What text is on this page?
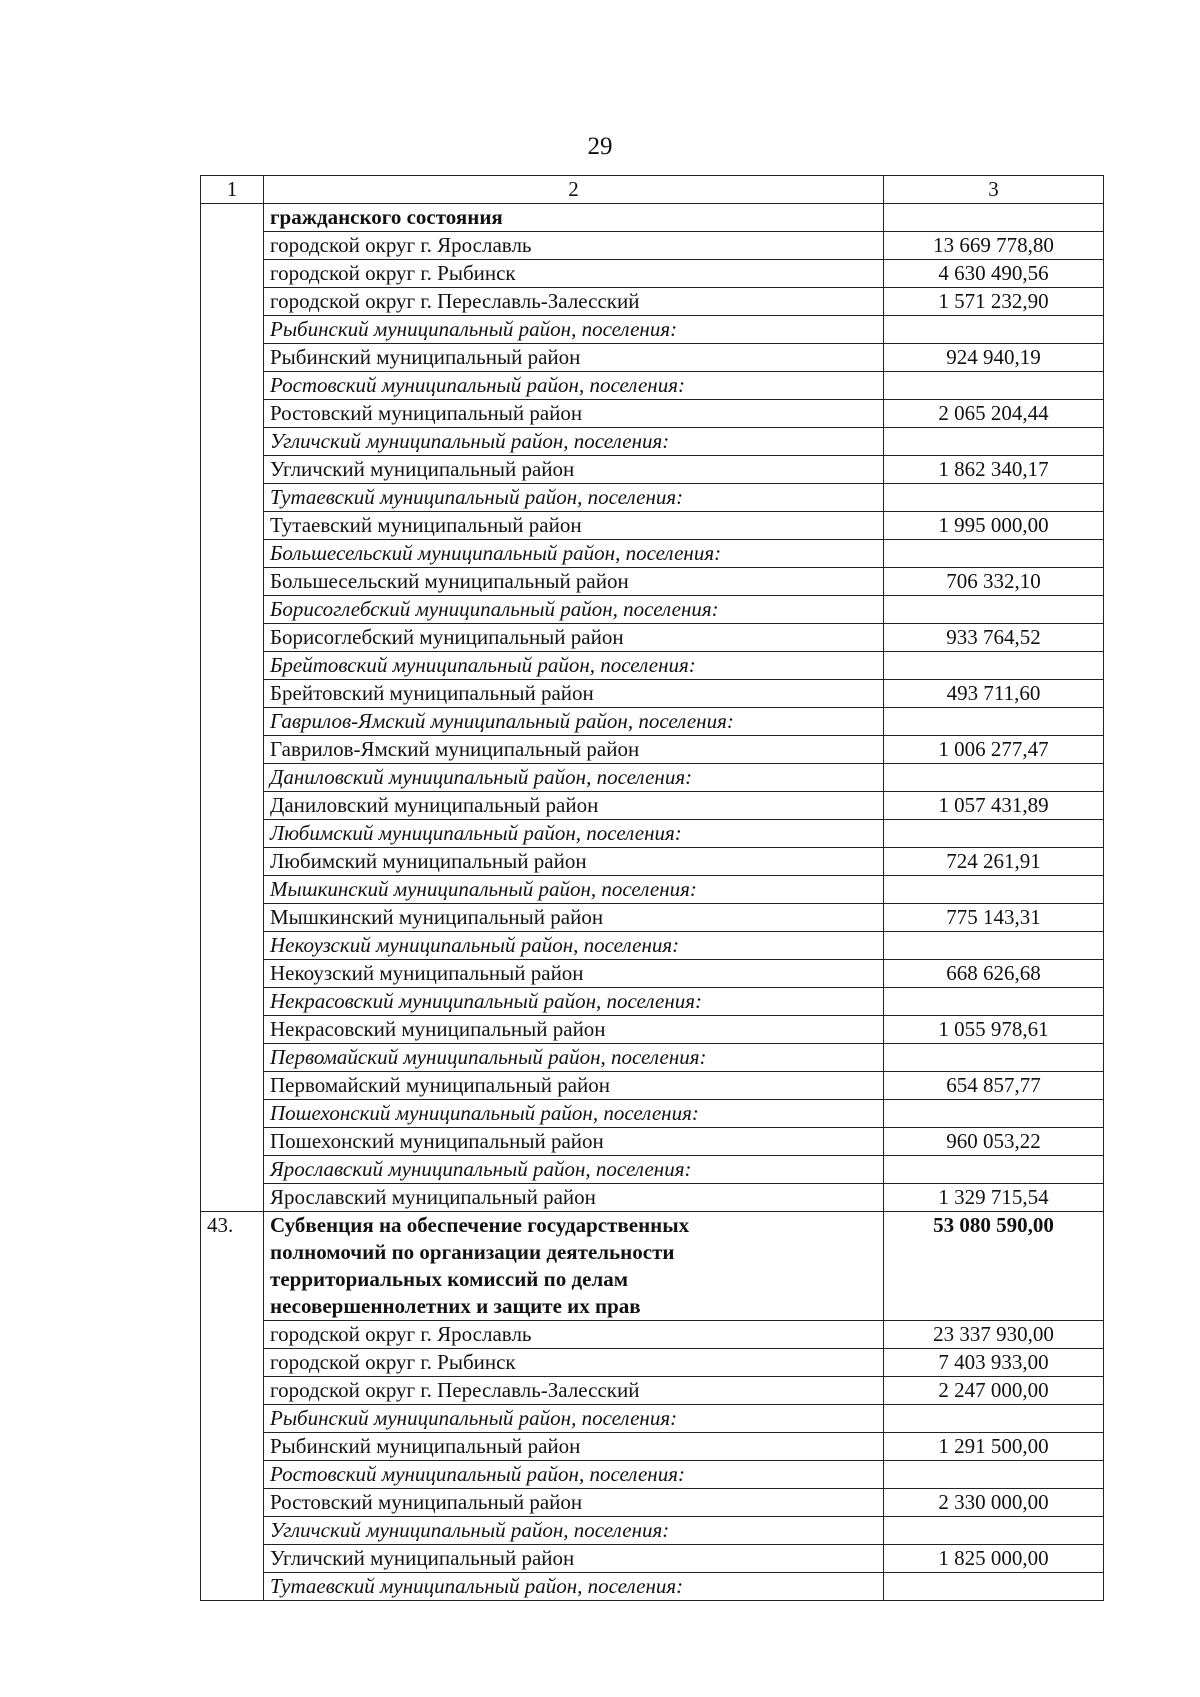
29
1	2	3
	гражданского состояния	
	городской округ г. Ярославль	13 669 778,80
	городской округ г. Рыбинск	4 630 490,56
	городской округ г. Переславль-Залесский	1 571 232,90
	Рыбинский муниципальный район, поселения:	
	Рыбинский муниципальный район	924 940,19
	Ростовский муниципальный район, поселения:	
	Ростовский муниципальный район	2 065 204,44
	Угличский муниципальный район, поселения:	
	Угличский муниципальный район	1 862 340,17
	Тутаевский муниципальный район, поселения:	
	Тутаевский муниципальный район	1 995 000,00
	Большесельский муниципальный район, поселения:	
	Большесельский муниципальный район	706 332,10
	Борисоглебский муниципальный район, поселения:	
	Борисоглебский муниципальный район	933 764,52
	Брейтовский муниципальный район, поселения:	
	Брейтовский муниципальный район	493 711,60
	Гаврилов-Ямский муниципальный район, поселения:	
	Гаврилов-Ямский муниципальный район	1 006 277,47
	Даниловский муниципальный район, поселения:	
	Даниловский муниципальный район	1 057 431,89
	Любимский муниципальный район, поселения:	
	Любимский муниципальный район	724 261,91
	Мышкинский муниципальный район, поселения:	
	Мышкинский муниципальный район	775 143,31
	Некоузский муниципальный район, поселения:	
	Некоузский муниципальный район	668 626,68
	Некрасовский муниципальный район, поселения:	
	Некрасовский муниципальный район	1 055 978,61
	Первомайский муниципальный район, поселения:	
	Первомайский муниципальный район	654 857,77
	Пошехонский муниципальный район, поселения:	
	Пошехонский муниципальный район	960 053,22
	Ярославский муниципальный район, поселения:	
	Ярославский муниципальный район	1 329 715,54
43.	Субвенция на обеспечение государственных
полномочий по организации деятельности
территориальных комиссий по делам
несовершеннолетних и защите их прав	53 080 590,00
	городской округ г. Ярославль	23 337 930,00
	городской округ г. Рыбинск	7 403 933,00
	городской округ г. Переславль-Залесский	2 247 000,00
	Рыбинский муниципальный район, поселения:	
	Рыбинский муниципальный район	1 291 500,00
	Ростовский муниципальный район, поселения:	
	Ростовский муниципальный район	2 330 000,00
	Угличский муниципальный район, поселения:	
	Угличский муниципальный район	1 825 000,00
	Тутаевский муниципальный район, поселения:	
